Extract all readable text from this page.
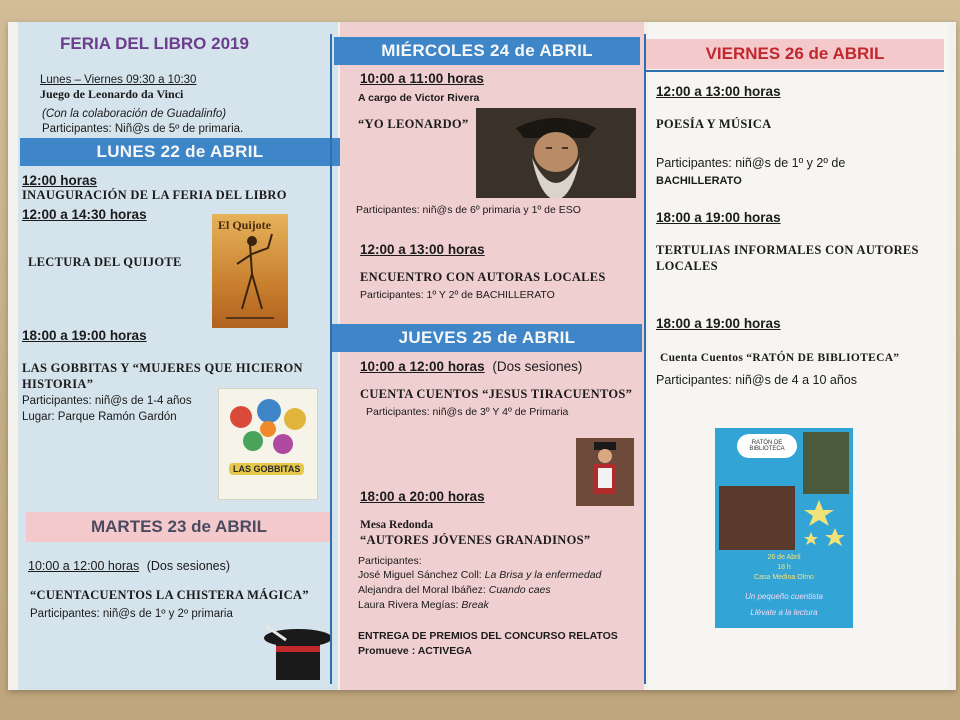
FERIA DEL LIBRO 2019
Lunes – Viernes 09:30 a 10:30
Juego de Leonardo da Vinci
(Con la colaboración de Guadalinfo)
Participantes: Niñ@s de 5º de primaria.
LUNES 22 de ABRIL
12:00 horas
INAUGURACIÓN DE LA FERIA DEL LIBRO
12:00 a 14:30 horas
LECTURA DEL QUIJOTE
El Quijote
18:00 a 19:00 horas
LAS GOBBITAS Y “MUJERES QUE HICIERON HISTORIA”
Participantes: niñ@s de 1-4 años
Lugar: Parque Ramón Gardón
LAS GOBBITAS
MARTES 23 de ABRIL
10:00 a 12:00 horas (Dos sesiones)
“CUENTACUENTOS LA CHISTERA MÁGICA”
Participantes: niñ@s de 1º y 2º primaria
MIÉRCOLES 24 de ABRIL
10:00 a 11:00 horas
A cargo de Victor Rivera
“YO LEONARDO”
Participantes: niñ@s de 6º primaria y 1º de ESO
12:00 a 13:00 horas
ENCUENTRO CON AUTORAS LOCALES
Participantes: 1º Y 2º de BACHILLERATO
JUEVES 25 de ABRIL
10:00 a 12:00 horas (Dos sesiones)
CUENTA CUENTOS “JESUS TIRACUENTOS”
Participantes: niñ@s de 3º Y 4º de Primaria
18:00 a 20:00 horas
Mesa Redonda
“AUTORES JÓVENES GRANADINOS”
Participantes:
José Miguel Sánchez Coll: La Brisa y la enfermedad
Alejandra del Moral Ibáñez: Cuando caes
Laura Rivera Megías: Break
ENTREGA DE PREMIOS DEL CONCURSO RELATOS
Promueve : ACTIVEGA
VIERNES 26 de ABRIL
12:00 a 13:00 horas
POESÍA Y MÚSICA
Participantes: niñ@s de 1º y 2º de
BACHILLERATO
18:00 a 19:00 horas
TERTULIAS INFORMALES CON AUTORES LOCALES
18:00 a 19:00 horas
Cuenta Cuentos “RATÓN DE BIBLIOTECA”
Participantes: niñ@s de 4 a 10 años
RATÓN DE BIBLIOTECA
26 de Abril
18 h
Casa Medina Olmo
Un pequeño cuentista
Llévate a la lectura
